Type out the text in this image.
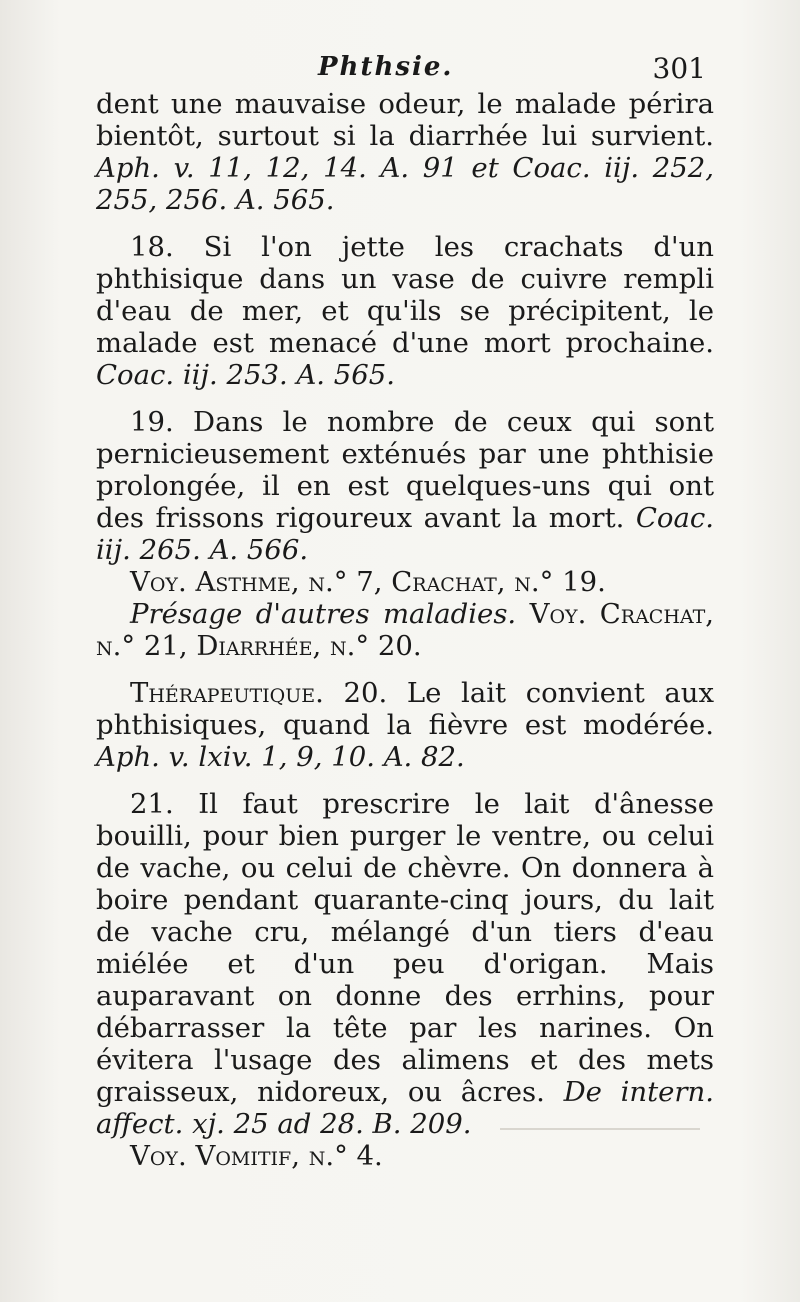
Phthsie.	301

dent une mauvaise odeur, le malade périra bientôt, surtout si la diarrhée lui survient. Aph. v. 11, 12, 14. A. 91 et Coac. iij. 252, 255, 256. A. 565.

18. Si l'on jette les crachats d'un phthisique dans un vase de cuivre rempli d'eau de mer, et qu'ils se précipitent, le malade est menacé d'une mort prochaine. Coac. iij. 253. A. 565.

19. Dans le nombre de ceux qui sont pernicieusement exténués par une phthisie prolongée, il en est quelques-uns qui ont des frissons rigoureux avant la mort. Coac. iij. 265. A. 566.

Voy. Asthme, n.° 7, Crachat, n.° 19.

Présage d'autres maladies. Voy. Crachat, n.° 21, Diarrhée, n.° 20.

Thérapeutique. 20. Le lait convient aux phthisiques, quand la fièvre est modérée. Aph. v. lxiv. 1, 9, 10. A. 82.

21. Il faut prescrire le lait d'ânesse bouilli, pour bien purger le ventre, ou celui de vache, ou celui de chèvre. On donnera à boire pendant quarante-cinq jours, du lait de vache cru, mélangé d'un tiers d'eau miélée et d'un peu d'origan. Mais auparavant on donne des errhins, pour débarrasser la tête par les narines. On évitera l'usage des alimens et des mets graisseux, nidoreux, ou âcres. De intern. affect. xj. 25 ad 28. B. 209.

Voy. Vomitif, n.° 4.
